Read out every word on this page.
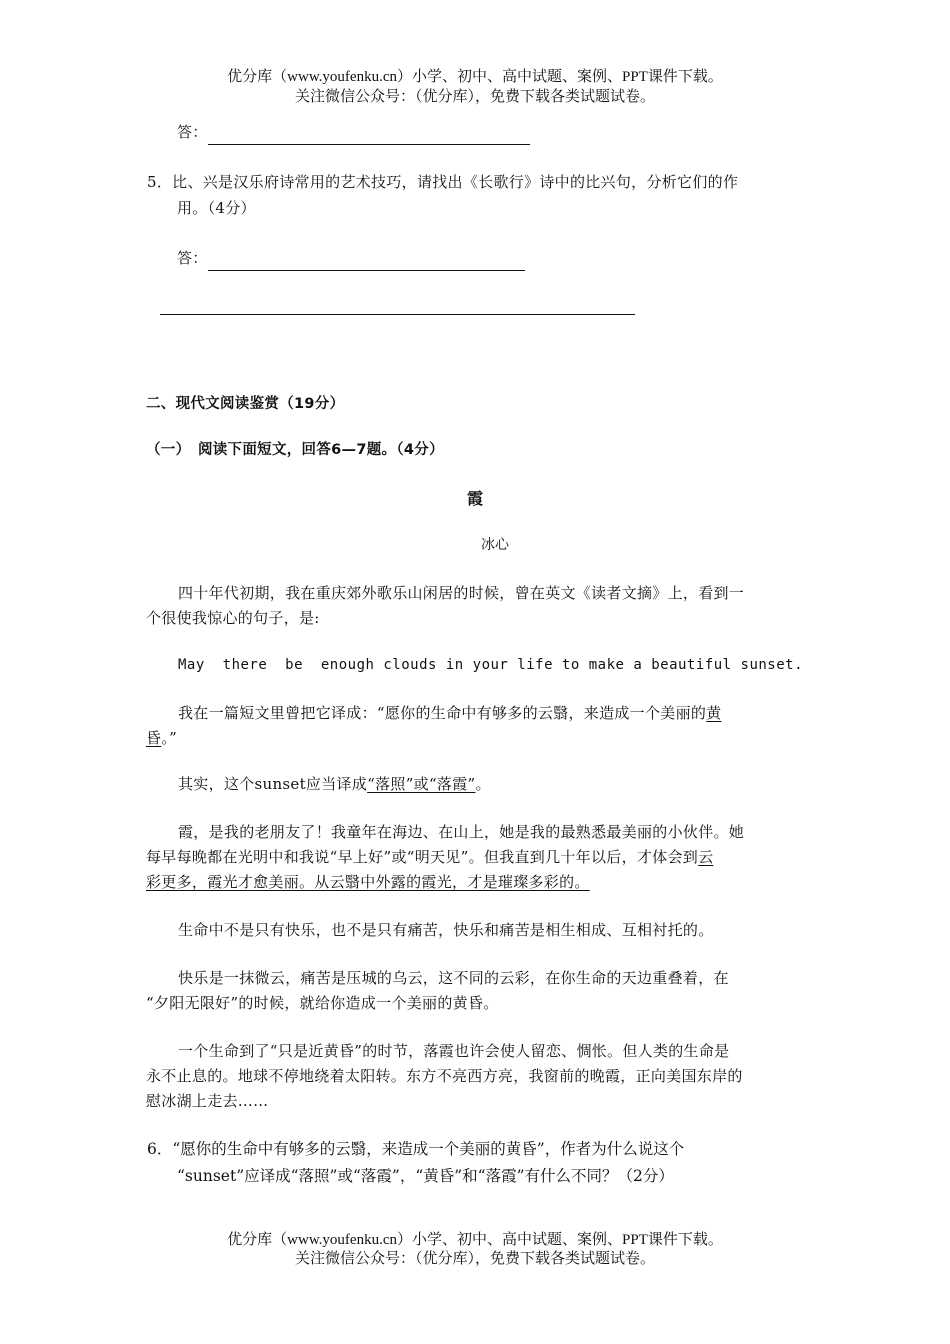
优分库（www.youfenku.cn）小学、初中、高中试题、案例、PPT课件下载。
关注微信公众号：（优分库），免费下载各类试题试卷。
答：
5．比、兴是汉乐府诗常用的艺术技巧，请找出《长歌行》诗中的比兴句，分析它们的作
用。（4分）
答：
二、现代文阅读鉴赏（19分）
（一）　阅读下面短文，回答6—7题。（4分）
霞
冰心
四十年代初期，我在重庆郊外歌乐山闲居的时候，曾在英文《读者文摘》上，看到一
个很使我惊心的句子，是:
May  there  be  enough clouds in your life to make a beautiful sunset.
我在一篇短文里曾把它译成：“愿你的生命中有够多的云翳，来造成一个美丽的黄
昏。”
其实，这个sunset应当译成“落照”或“落霞”。
霞，是我的老朋友了！我童年在海边、在山上，她是我的最熟悉最美丽的小伙伴。她
每早每晚都在光明中和我说“早上好”或“明天见”。但我直到几十年以后，才体会到云
彩更多，霞光才愈美丽。从云翳中外露的霞光，才是璀璨多彩的。
生命中不是只有快乐，也不是只有痛苦，快乐和痛苦是相生相成、互相衬托的。
快乐是一抹微云，痛苦是压城的乌云，这不同的云彩，在你生命的天边重叠着，在
“夕阳无限好”的时候，就给你造成一个美丽的黄昏。
一个生命到了“只是近黄昏”的时节，落霞也许会使人留恋、惆怅。但人类的生命是
永不止息的。地球不停地绕着太阳转。东方不亮西方亮，我窗前的晚霞，正向美国东岸的
慰冰湖上走去……
6．“愿你的生命中有够多的云翳，来造成一个美丽的黄昏”，作者为什么说这个
“sunset”应译成“落照”或“落霞”，“黄昏”和“落霞”有什么不同？（2分）
优分库（www.youfenku.cn）小学、初中、高中试题、案例、PPT课件下载。
关注微信公众号：（优分库），免费下载各类试题试卷。
